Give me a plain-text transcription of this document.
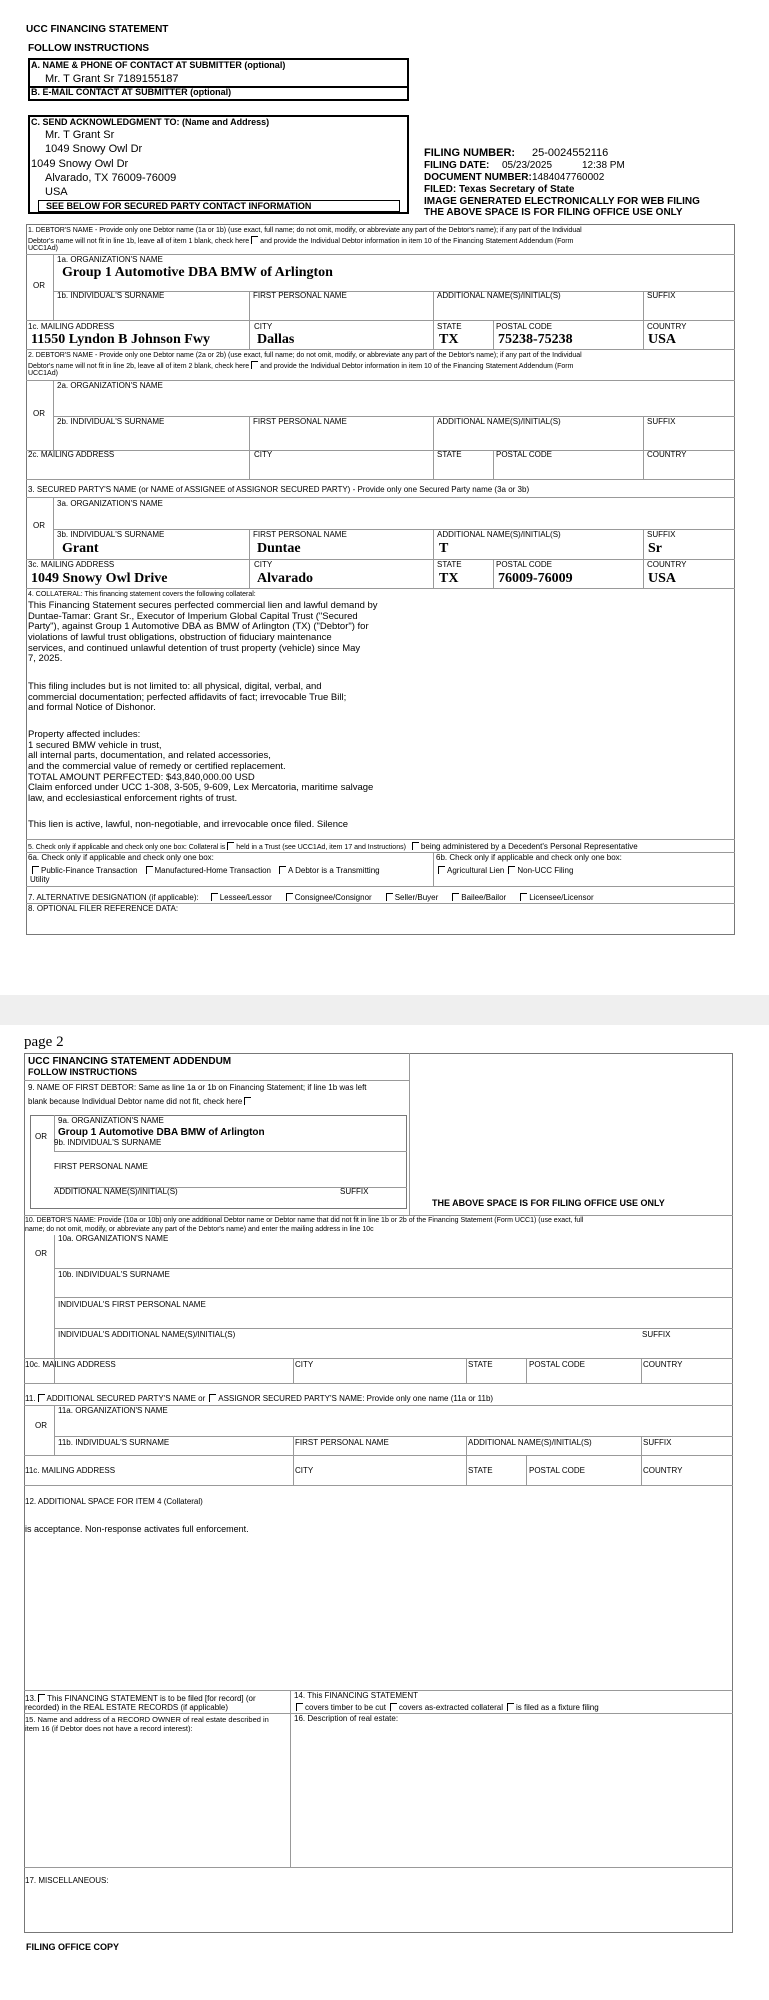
UCC FINANCING STATEMENT
FOLLOW INSTRUCTIONS
A. NAME & PHONE OF CONTACT AT SUBMITTER (optional)
Mr. T Grant Sr 7189155187
B. E-MAIL CONTACT AT SUBMITTER (optional)
C. SEND ACKNOWLEDGMENT TO: (Name and Address)
Mr. T Grant Sr
1049 Snowy Owl Dr
1049 Snowy Owl Dr
Alvarado, TX 76009-76009
USA
SEE BELOW FOR SECURED PARTY CONTACT INFORMATION
FILING NUMBER: 25-0024552116
FILING DATE: 05/23/2025	12:38 PM
DOCUMENT NUMBER: 1484047760002
FILED: Texas Secretary of State
IMAGE GENERATED ELECTRONICALLY FOR WEB FILING
THE ABOVE SPACE IS FOR FILING OFFICE USE ONLY
1. DEBTOR'S NAME - Provide only one Debtor name (1a or 1b) (use exact, full name; do not omit, modify, or abbreviate any part of the Debtor's name); if any part of the Individual
Debtor's name will not fit in line 1b, leave all of item 1 blank, check here and provide the Individual Debtor information in item 10 of the Financing Statement Addendum (Form
UCC1Ad)
1a. ORGANIZATION'S NAME
Group 1 Automotive DBA BMW of Arlington
OR
1b. INDIVIDUAL'S SURNAME	FIRST PERSONAL NAME	ADDITIONAL NAME(S)/INITIAL(S)	SUFFIX
1c. MAILING ADDRESS	CITY	STATE	POSTAL CODE	COUNTRY
11550 Lyndon B Johnson Fwy	Dallas	TX	75238-75238	USA
2. DEBTOR'S NAME - Provide only one Debtor name (2a or 2b) (use exact, full name; do not omit, modify, or abbreviate any part of the Debtor's name); if any part of the Individual
Debtor's name will not fit in line 2b, leave all of item 2 blank, check here and provide the Individual Debtor information in item 10 of the Financing Statement Addendum (Form
UCC1Ad)
2a. ORGANIZATION'S NAME
OR
2b. INDIVIDUAL'S SURNAME	FIRST PERSONAL NAME	ADDITIONAL NAME(S)/INITIAL(S)	SUFFIX
2c. MAILING ADDRESS	CITY	STATE	POSTAL CODE	COUNTRY
3. SECURED PARTY'S NAME (or NAME of ASSIGNEE of ASSIGNOR SECURED PARTY) - Provide only one Secured Party name (3a or 3b)
3a. ORGANIZATION'S NAME
OR
3b. INDIVIDUAL'S SURNAME	FIRST PERSONAL NAME	ADDITIONAL NAME(S)/INITIAL(S)	SUFFIX
Grant	Duntae	T	Sr
3c. MAILING ADDRESS	CITY	STATE	POSTAL CODE	COUNTRY
1049 Snowy Owl Drive	Alvarado	TX	76009-76009	USA
4. COLLATERAL: This financing statement covers the following collateral:
This Financing Statement secures perfected commercial lien and lawful demand by
Duntae-Tamar: Grant Sr., Executor of Imperium Global Capital Trust ("Secured
Party"), against Group 1 Automotive DBA as BMW of Arlington (TX) ("Debtor") for
violations of lawful trust obligations, obstruction of fiduciary maintenance
services, and continued unlawful detention of trust property (vehicle) since May
7, 2025.
This filing includes but is not limited to: all physical, digital, verbal, and
commercial documentation; perfected affidavits of fact; irrevocable True Bill;
and formal Notice of Dishonor.
Property affected includes:
1 secured BMW vehicle in trust,
all internal parts, documentation, and related accessories,
and the commercial value of remedy or certified replacement.
TOTAL AMOUNT PERFECTED: $43,840,000.00 USD
Claim enforced under UCC 1-308, 3-505, 9-609, Lex Mercatoria, maritime salvage
law, and ecclesiastical enforcement rights of trust.
This lien is active, lawful, non-negotiable, and irrevocable once filed. Silence
5. Check only if applicable and check only one box: Collateral is held in a Trust (see UCC1Ad, item 17 and Instructions) being administered by a Decedent's Personal Representative
6a. Check only if applicable and check only one box:	6b. Check only if applicable and check only one box:
Public-Finance Transaction Manufactured-Home Transaction A Debtor is a Transmitting
Utility
Agricultural Lien Non-UCC Filing
7. ALTERNATIVE DESIGNATION (if applicable):	Lessee/Lessor	Consignee/Consignor	Seller/Buyer	Bailee/Bailor	Licensee/Licensor
8. OPTIONAL FILER REFERENCE DATA:
page 2
UCC FINANCING STATEMENT ADDENDUM
FOLLOW INSTRUCTIONS
9. NAME OF FIRST DEBTOR: Same as line 1a or 1b on Financing Statement; if line 1b was left
blank because Individual Debtor name did not fit, check here
9a. ORGANIZATION'S NAME
Group 1 Automotive DBA BMW of Arlington
OR
9b. INDIVIDUAL'S SURNAME
FIRST PERSONAL NAME
ADDITIONAL NAME(S)/INITIAL(S)	SUFFIX
THE ABOVE SPACE IS FOR FILING OFFICE USE ONLY
10. DEBTOR'S NAME: Provide (10a or 10b) only one additional Debtor name or Debtor name that did not fit in line 1b or 2b of the Financing Statement (Form UCC1) (use exact, full
name; do not omit, modify, or abbreviate any part of the Debtor's name) and enter the mailing address in line 10c
10a. ORGANIZATION'S NAME
OR
10b. INDIVIDUAL'S SURNAME
INDIVIDUAL'S FIRST PERSONAL NAME
INDIVIDUAL'S ADDITIONAL NAME(S)/INITIAL(S)	SUFFIX
10c. MAILING ADDRESS	CITY	STATE	POSTAL CODE	COUNTRY
11. ADDITIONAL SECURED PARTY'S NAME or ASSIGNOR SECURED PARTY'S NAME: Provide only one name (11a or 11b)
11a. ORGANIZATION'S NAME
OR
11b. INDIVIDUAL'S SURNAME	FIRST PERSONAL NAME	ADDITIONAL NAME(S)/INITIAL(S)	SUFFIX
11c. MAILING ADDRESS	CITY	STATE	POSTAL CODE	COUNTRY
12. ADDITIONAL SPACE FOR ITEM 4 (Collateral)
is acceptance. Non-response activates full enforcement.
13. This FINANCING STATEMENT is to be filed [for record] (or
recorded) in the REAL ESTATE RECORDS (if applicable)
14. This FINANCING STATEMENT
covers timber to be cut covers as-extracted collateral is filed as a fixture filing
15. Name and address of a RECORD OWNER of real estate described in item 16 (if Debtor does not have a record interest):
16. Description of real estate:
17. MISCELLANEOUS:
FILING OFFICE COPY
